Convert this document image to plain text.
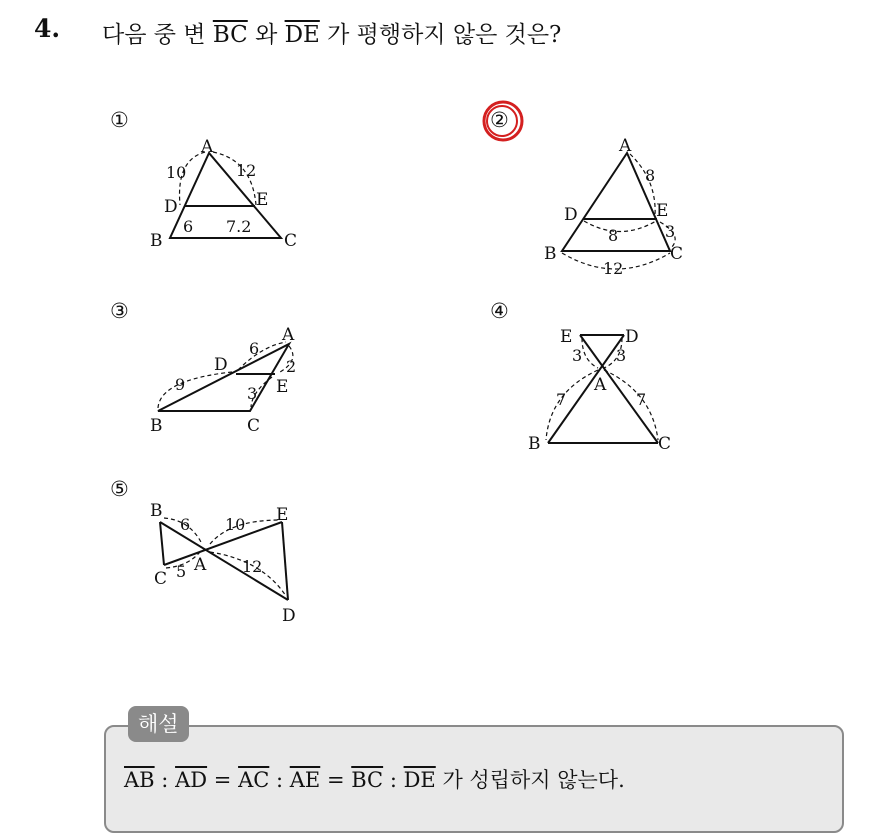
4. 다음 중 변 $\overline{BC}$ 와 $\overline{DE}$ 가 평행하지 않은 것은?
①	②
③	④
⑤
A
D	E
B	C
10	12
6 7.2
A
D	E
B	C
8
8	3
12
A
D
E
B	C
6
2
9	3
E	D
A
B	C
3 3
7	7
B	E
C
A
D
6 10
5	12
해설
$\overline{AB}$ : $\overline{AD} = \overline{AC}$ : $\overline{AE} = \overline{BC}$ : $\overline{DE}$ 가 성립하지 않는다.
